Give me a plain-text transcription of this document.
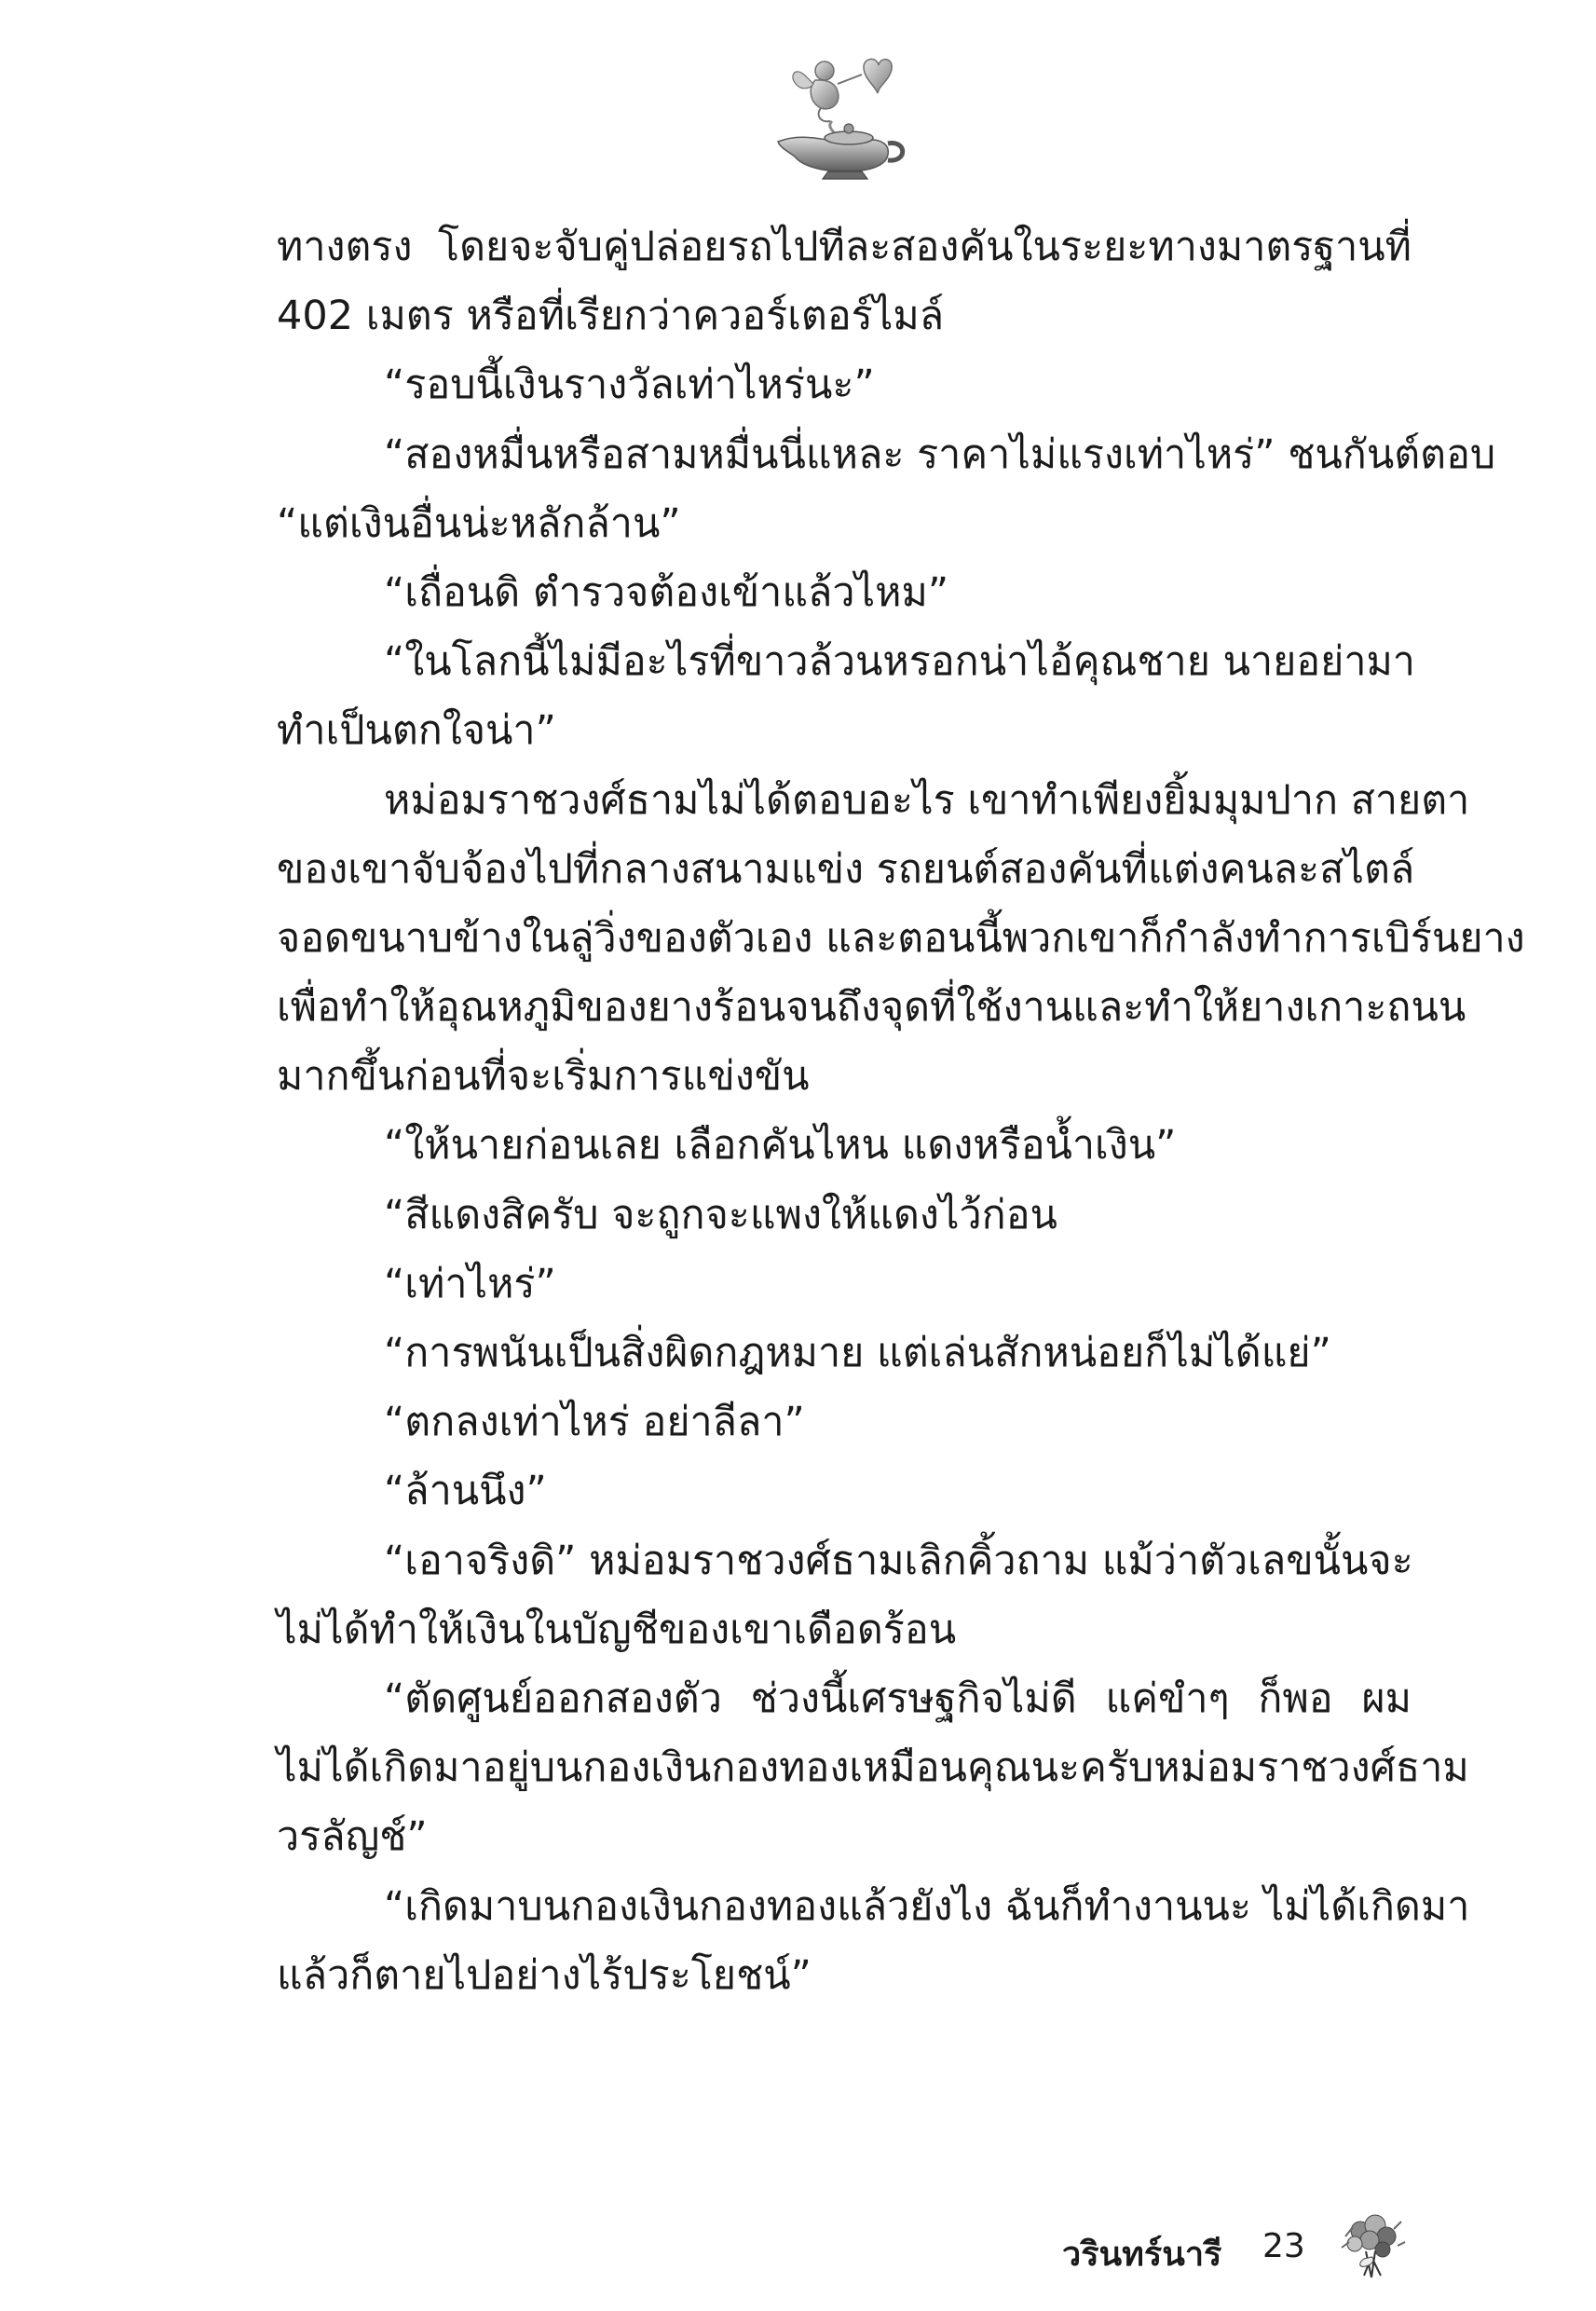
ทางตรง โดยจะจับคู่ปล่อยรถไปทีละสองคันในระยะทางมาตรฐานที่
402 เมตร หรือที่เรียกว่าควอร์เตอร์ไมล์
“รอบนี้เงินรางวัลเท่าไหร่นะ”
“สองหมื่นหรือสามหมื่นนี่แหละ ราคาไม่แรงเท่าไหร่” ชนกันต์ตอบ
“แต่เงินอื่นน่ะหลักล้าน”
“เถื่อนดิ ตำรวจต้องเข้าแล้วไหม”
“ในโลกนี้ไม่มีอะไรที่ขาวล้วนหรอกน่าไอ้คุณชาย นายอย่ามา
ทำเป็นตกใจน่า”
หม่อมราชวงศ์ธามไม่ได้ตอบอะไร เขาทำเพียงยิ้มมุมปาก สายตา
ของเขาจับจ้องไปที่กลางสนามแข่ง รถยนต์สองคันที่แต่งคนละสไตล์
จอดขนาบข้างในลู่วิ่งของตัวเอง และตอนนี้พวกเขาก็กำลังทำการเบิร์นยาง
เพื่อทำให้อุณหภูมิของยางร้อนจนถึงจุดที่ใช้งานและทำให้ยางเกาะถนน
มากขึ้นก่อนที่จะเริ่มการแข่งขัน
“ให้นายก่อนเลย เลือกคันไหน แดงหรือน้ำเงิน”
“สีแดงสิครับ จะถูกจะแพงให้แดงไว้ก่อน
“เท่าไหร่”
“การพนันเป็นสิ่งผิดกฎหมาย แต่เล่นสักหน่อยก็ไม่ได้แย่”
“ตกลงเท่าไหร่ อย่าลีลา”
“ล้านนึง”
“เอาจริงดิ” หม่อมราชวงศ์ธามเลิกคิ้วถาม แม้ว่าตัวเลขนั้นจะ
ไม่ได้ทำให้เงินในบัญชีของเขาเดือดร้อน
“ตัดศูนย์ออกสองตัว ช่วงนี้เศรษฐกิจไม่ดี แค่ขำๆ ก็พอ ผม
ไม่ได้เกิดมาอยู่บนกองเงินกองทองเหมือนคุณนะครับหม่อมราชวงศ์ธาม
วรลัญช์”
“เกิดมาบนกองเงินกองทองแล้วยังไง ฉันก็ทำงานนะ ไม่ได้เกิดมา
แล้วก็ตายไปอย่างไร้ประโยชน์”
วรินทร์นารี 23
